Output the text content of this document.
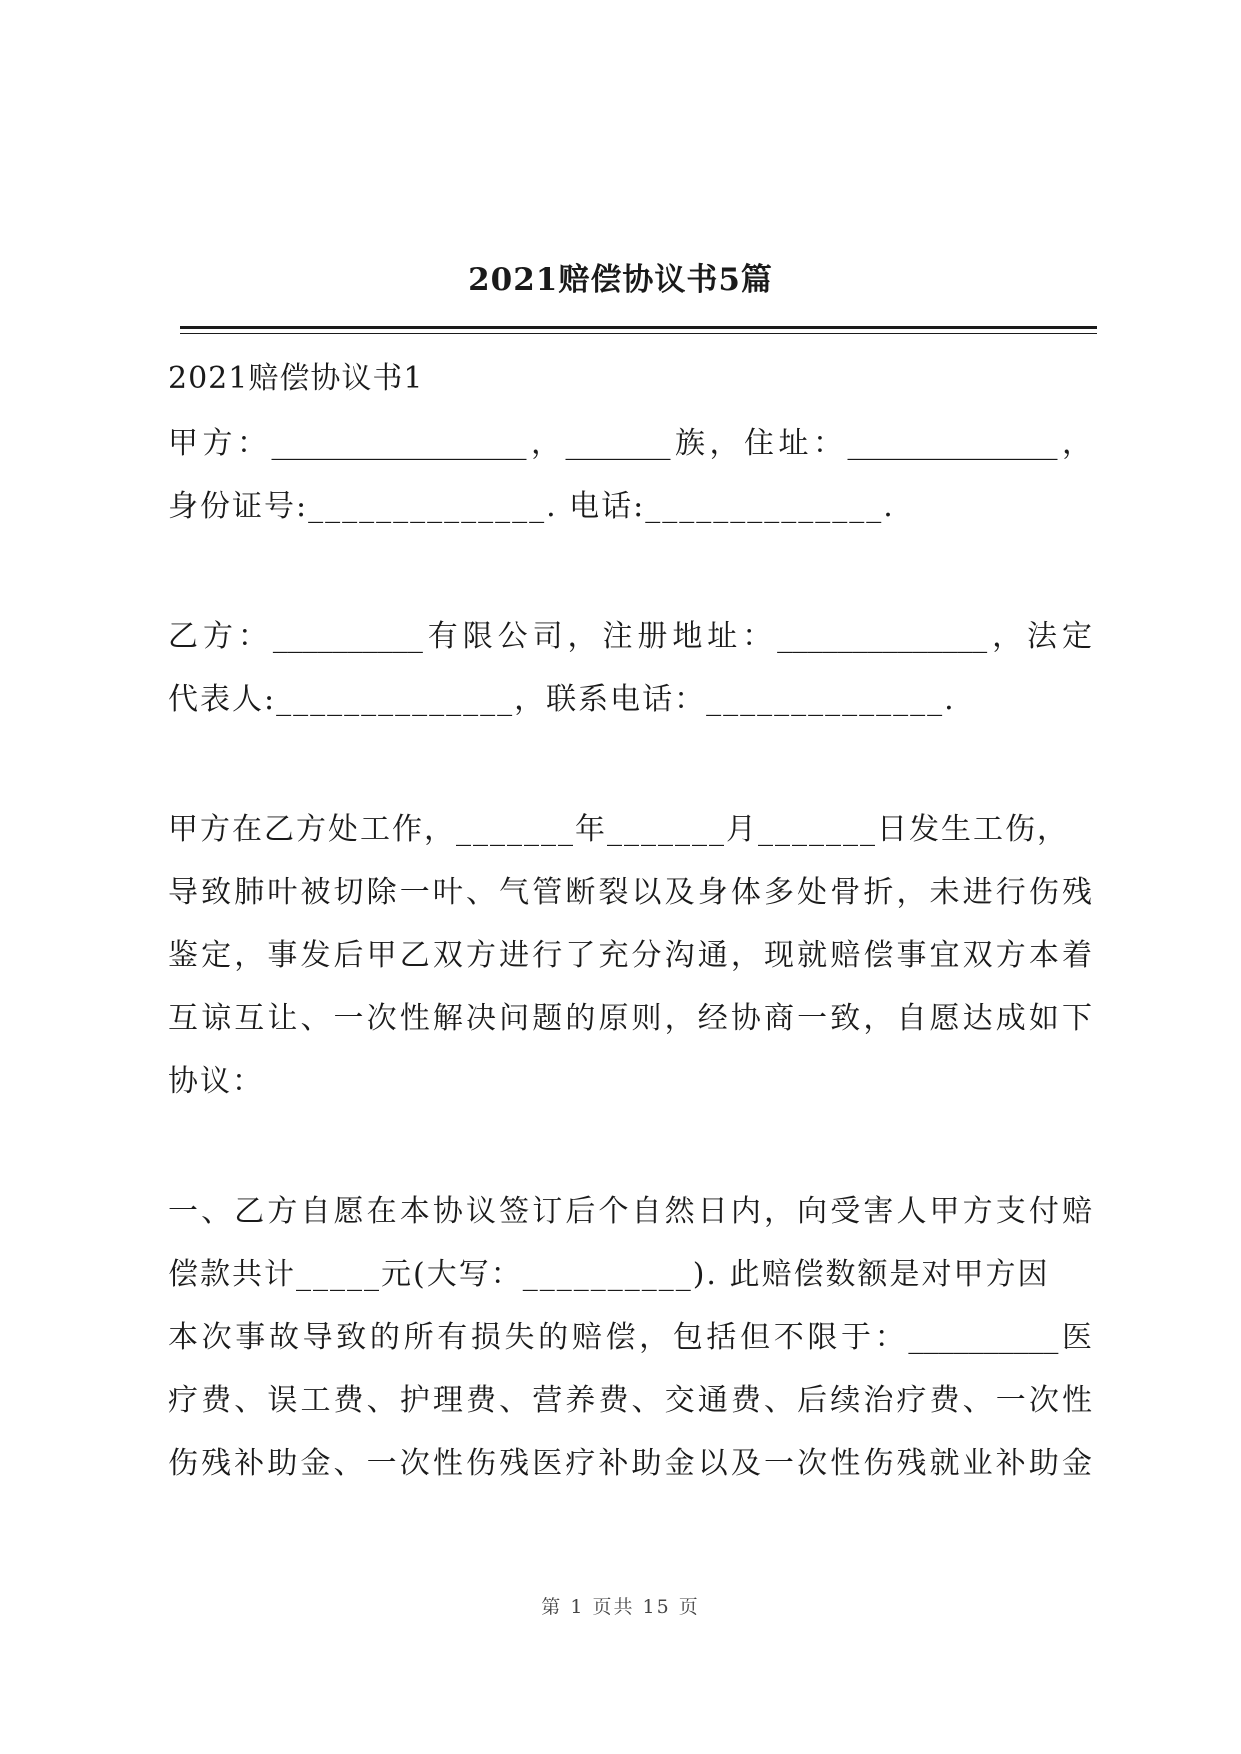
2021赔偿协议书5篇
2021赔偿协议书1
甲方：_________________，_______族，住址：______________，
身份证号:______________. 电话:______________.
乙方：__________有限公司，注册地址：______________，法定
代表人:______________，联系电话：______________.
甲方在乙方处工作，_______年_______月_______日发生工伤，
导致肺叶被切除一叶、气管断裂以及身体多处骨折，未进行伤残
鉴定，事发后甲乙双方进行了充分沟通，现就赔偿事宜双方本着
互谅互让、一次性解决问题的原则，经协商一致，自愿达成如下
协议：
一、乙方自愿在本协议签订后个自然日内，向受害人甲方支付赔
偿款共计_____元(大写：__________). 此赔偿数额是对甲方因
本次事故导致的所有损失的赔偿，包括但不限于：__________医
疗费、误工费、护理费、营养费、交通费、后续治疗费、一次性
伤残补助金、一次性伤残医疗补助金以及一次性伤残就业补助金
第 1 页共 15 页
